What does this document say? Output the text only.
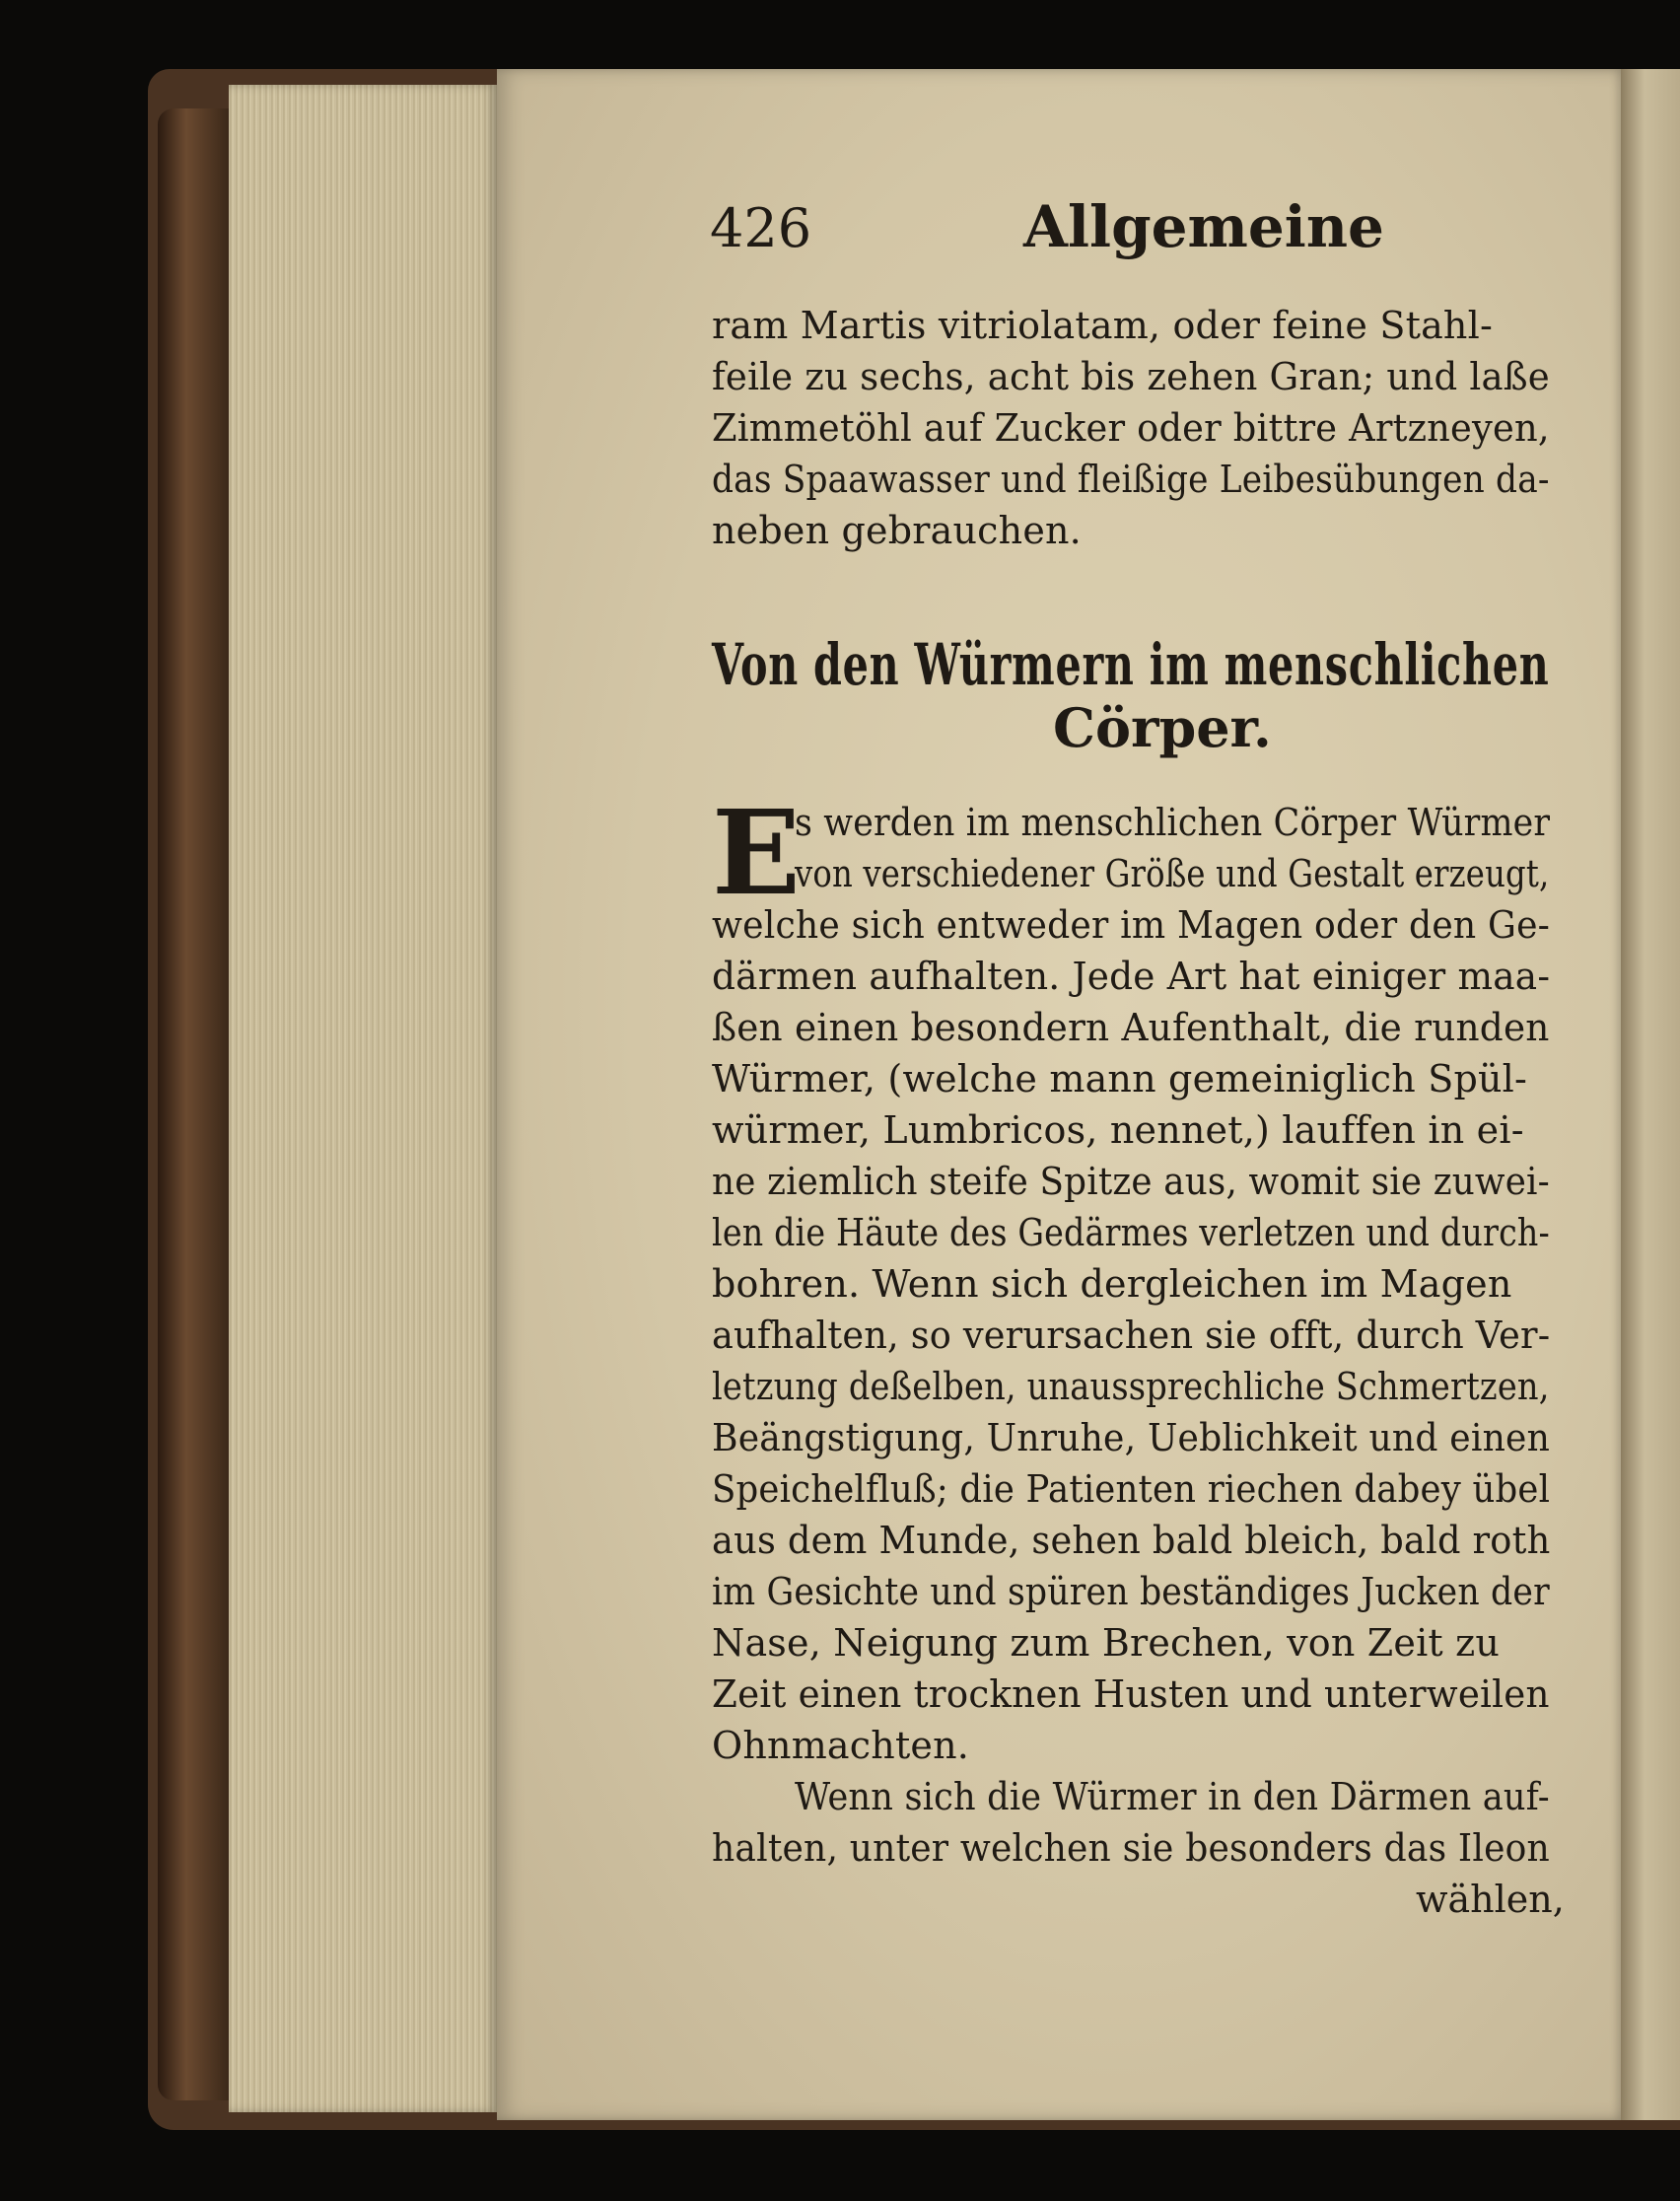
426	Allgemeine
ram Martis vitriolatam, oder feine Stahl-
feile zu sechs, acht bis zehen Gran; und laße
Zimmetöhl auf Zucker oder bittre Artzneyen,
das Spaawasser und fleißige Leibesübungen da-
neben gebrauchen.
Von den Würmern im menschlichen
Cörper.
E
s werden im menschlichen Cörper Würmer
von verschiedener Größe und Gestalt erzeugt,
welche sich entweder im Magen oder den Ge-
därmen aufhalten. Jede Art hat einiger maa-
ßen einen besondern Aufenthalt, die runden
Würmer, (welche mann gemeiniglich Spül-
würmer, Lumbricos, nennet,) lauffen in ei-
ne ziemlich steife Spitze aus, womit sie zuwei-
len die Häute des Gedärmes verletzen und durch-
bohren. Wenn sich dergleichen im Magen
aufhalten, so verursachen sie offt, durch Ver-
letzung deßelben, unaussprechliche Schmertzen,
Beängstigung, Unruhe, Ueblichkeit und einen
Speichelfluß; die Patienten riechen dabey übel
aus dem Munde, sehen bald bleich, bald roth
im Gesichte und spüren beständiges Jucken der
Nase, Neigung zum Brechen, von Zeit zu
Zeit einen trocknen Husten und unterweilen
Ohnmachten.
Wenn sich die Würmer in den Därmen auf-
halten, unter welchen sie besonders das Ileon
wählen,
